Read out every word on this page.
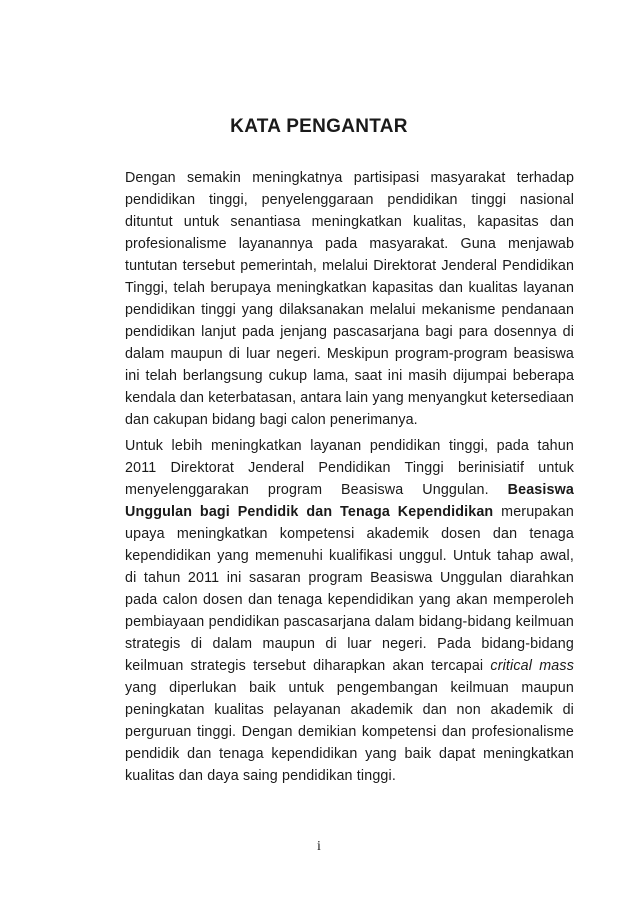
KATA PENGANTAR

Dengan semakin meningkatnya partisipasi masyarakat terhadap pendidikan tinggi, penyelenggaraan pendidikan tinggi nasional dituntut untuk senantiasa meningkatkan kualitas, kapasitas dan profesionalisme layanannya pada masyarakat. Guna menjawab tuntutan tersebut pemerintah, melalui Direktorat Jenderal Pendidikan Tinggi, telah berupaya meningkatkan kapasitas dan kualitas layanan pendidikan tinggi yang dilaksanakan melalui mekanisme pendanaan pendidikan lanjut pada jenjang pascasarjana bagi para dosennya di dalam maupun di luar negeri. Meskipun program-program beasiswa ini telah berlangsung cukup lama, saat ini masih dijumpai beberapa kendala dan keterbatasan, antara lain yang menyangkut ketersediaan dan cakupan bidang bagi calon penerimanya.

Untuk lebih meningkatkan layanan pendidikan tinggi, pada tahun 2011 Direktorat Jenderal Pendidikan Tinggi berinisiatif untuk menyelenggarakan program Beasiswa Unggulan. Beasiswa Unggulan bagi Pendidik dan Tenaga Kependidikan merupakan upaya meningkatkan kompetensi akademik dosen dan tenaga kependidikan yang memenuhi kualifikasi unggul. Untuk tahap awal, di tahun 2011 ini sasaran program Beasiswa Unggulan diarahkan pada calon dosen dan tenaga kependidikan yang akan memperoleh pembiayaan pendidikan pascasarjana dalam bidang-bidang keilmuan strategis di dalam maupun di luar negeri. Pada bidang-bidang keilmuan strategis tersebut diharapkan akan tercapai critical mass yang diperlukan baik untuk pengembangan keilmuan maupun peningkatan kualitas pelayanan akademik dan non akademik di perguruan tinggi. Dengan demikian kompetensi dan profesionalisme pendidik dan tenaga kependidikan yang baik dapat meningkatkan kualitas dan daya saing pendidikan tinggi.

i
